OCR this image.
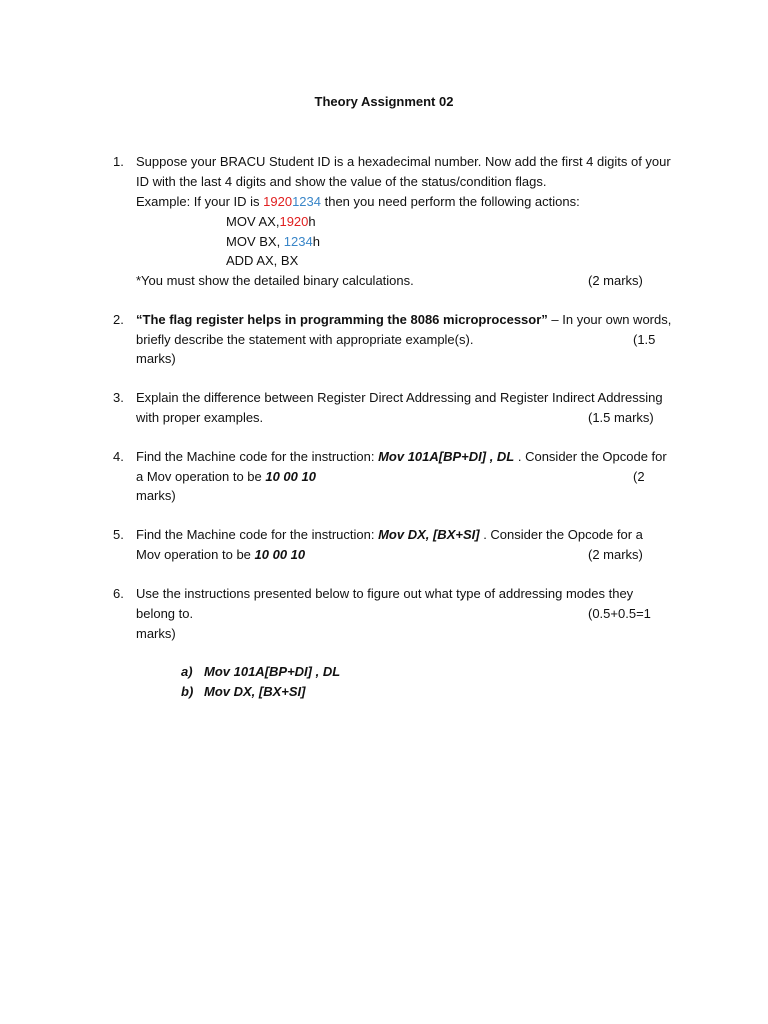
Theory Assignment 02
1. Suppose your BRACU Student ID is a hexadecimal number. Now add the first 4 digits of your
ID with the last 4 digits and show the value of the status/condition flags.
Example: If your ID is 19201234 then you need perform the following actions:
MOV AX,1920h
MOV BX, 1234h
ADD AX, BX
*You must show the detailed binary calculations.	(2 marks)
2. “The flag register helps in programming the 8086 microprocessor” – In your own words,
briefly describe the statement with appropriate example(s).	(1.5
marks)
3. Explain the difference between Register Direct Addressing and Register Indirect Addressing
with proper examples.	(1.5 marks)
4. Find the Machine code for the instruction: Mov 101A[BP+DI] , DL . Consider the Opcode for
a Mov operation to be 10 00 10	(2
marks)
5. Find the Machine code for the instruction: Mov DX, [BX+SI] . Consider the Opcode for a
Mov operation to be 10 00 10	(2 marks)
6. Use the instructions presented below to figure out what type of addressing modes they
belong to.	(0.5+0.5=1
marks)
a) Mov 101A[BP+DI] , DL
b) Mov DX, [BX+SI]
